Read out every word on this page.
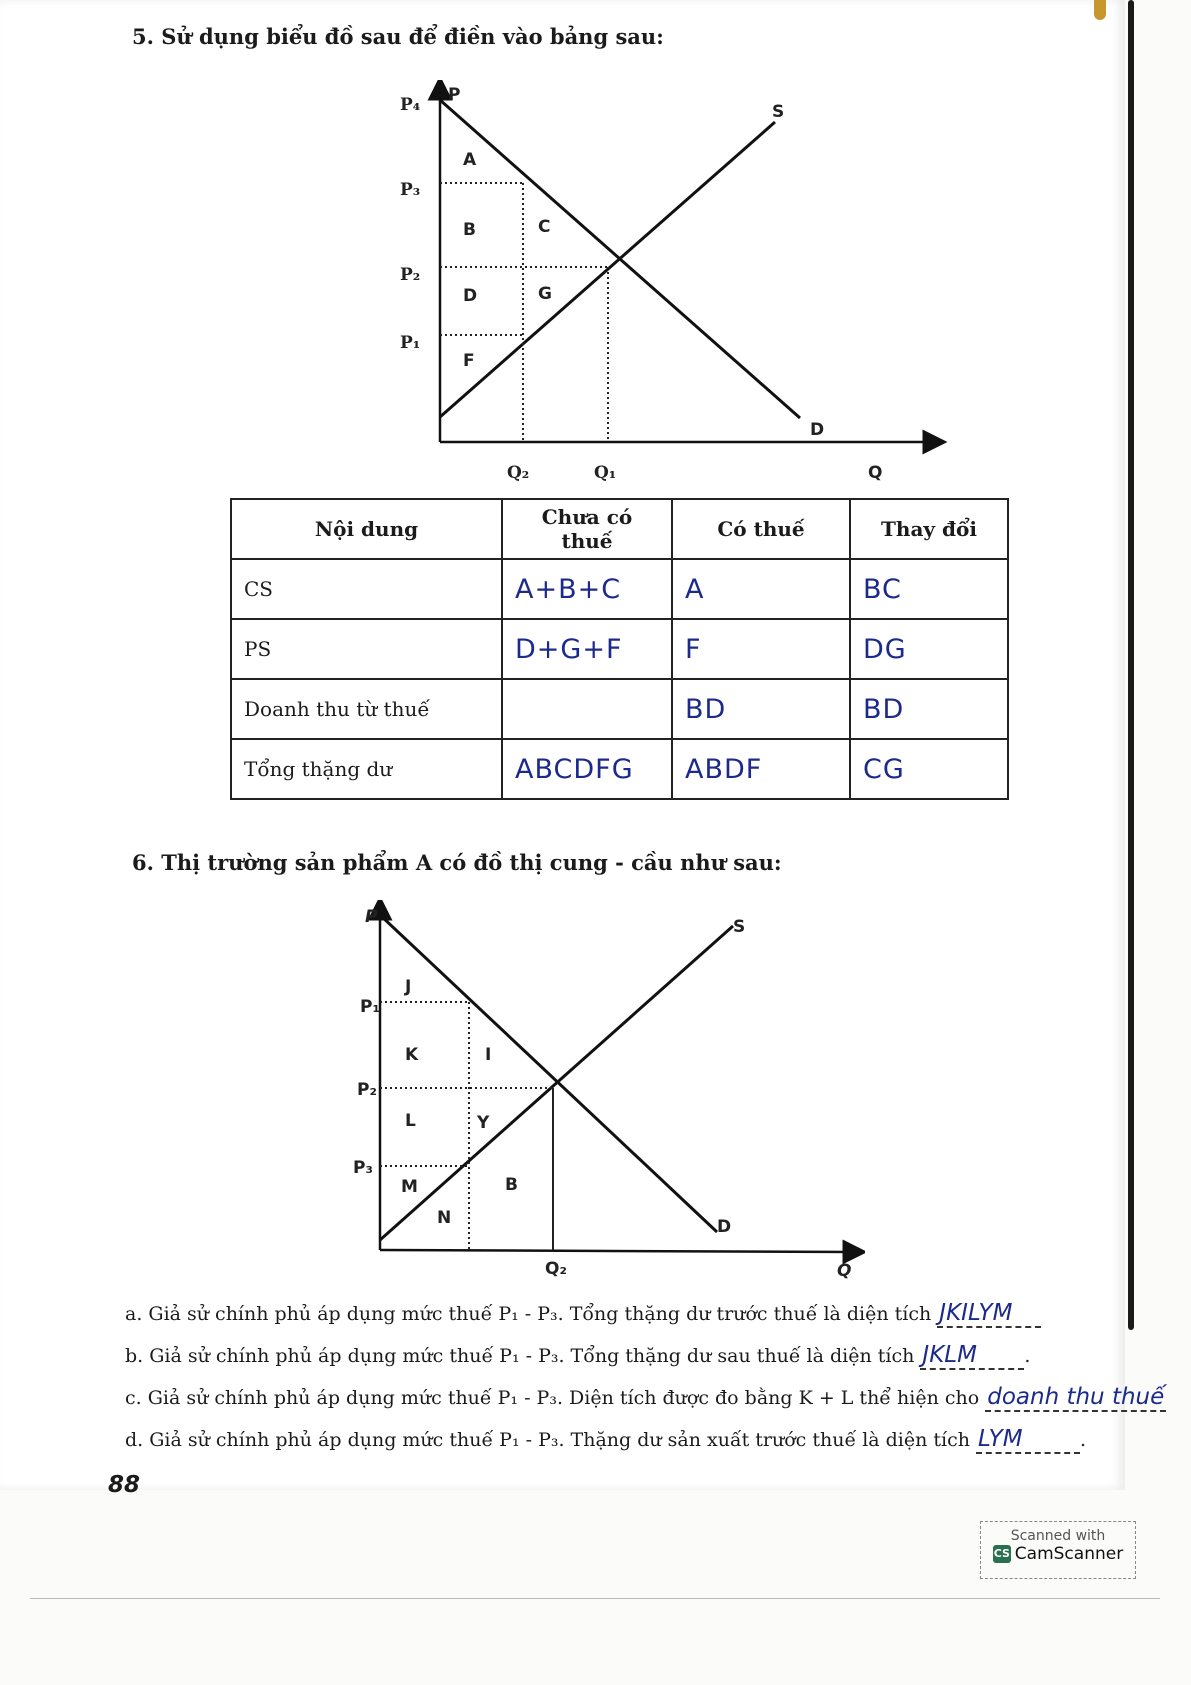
5. Sử dụng biểu đồ sau để điền vào bảng sau:
P
Q
P₄
P₃
P₂
P₁
Q₂	Q₁
S
D
A
B	C
D	G
F
Nội dung	Chưa có thuế	Có thuế	Thay đổi
CS	A+B+C	A	BC
PS	D+G+F	F	DG
Doanh thu từ thuế		BD	BD
Tổng thặng dư	ABCDFG	ABDF	CG
6. Thị trường sản phẩm A có đồ thị cung - cầu như sau:
P
Q
P₁
P₂
P₃
Q₂
S
D
J
K	I
L	Y
M	B
N
a. Giả sử chính phủ áp dụng mức thuế P₁ - P₃. Tổng thặng dư trước thuế là diện tích JKILYM
b. Giả sử chính phủ áp dụng mức thuế P₁ - P₃. Tổng thặng dư sau thuế là diện tích JKLM .
c. Giả sử chính phủ áp dụng mức thuế P₁ - P₃. Diện tích được đo bằng K + L thể hiện cho doanh thu thuế
d. Giả sử chính phủ áp dụng mức thuế P₁ - P₃. Thặng dư sản xuất trước thuế là diện tích LYM	.
88
Scanned with
CS CamScanner
